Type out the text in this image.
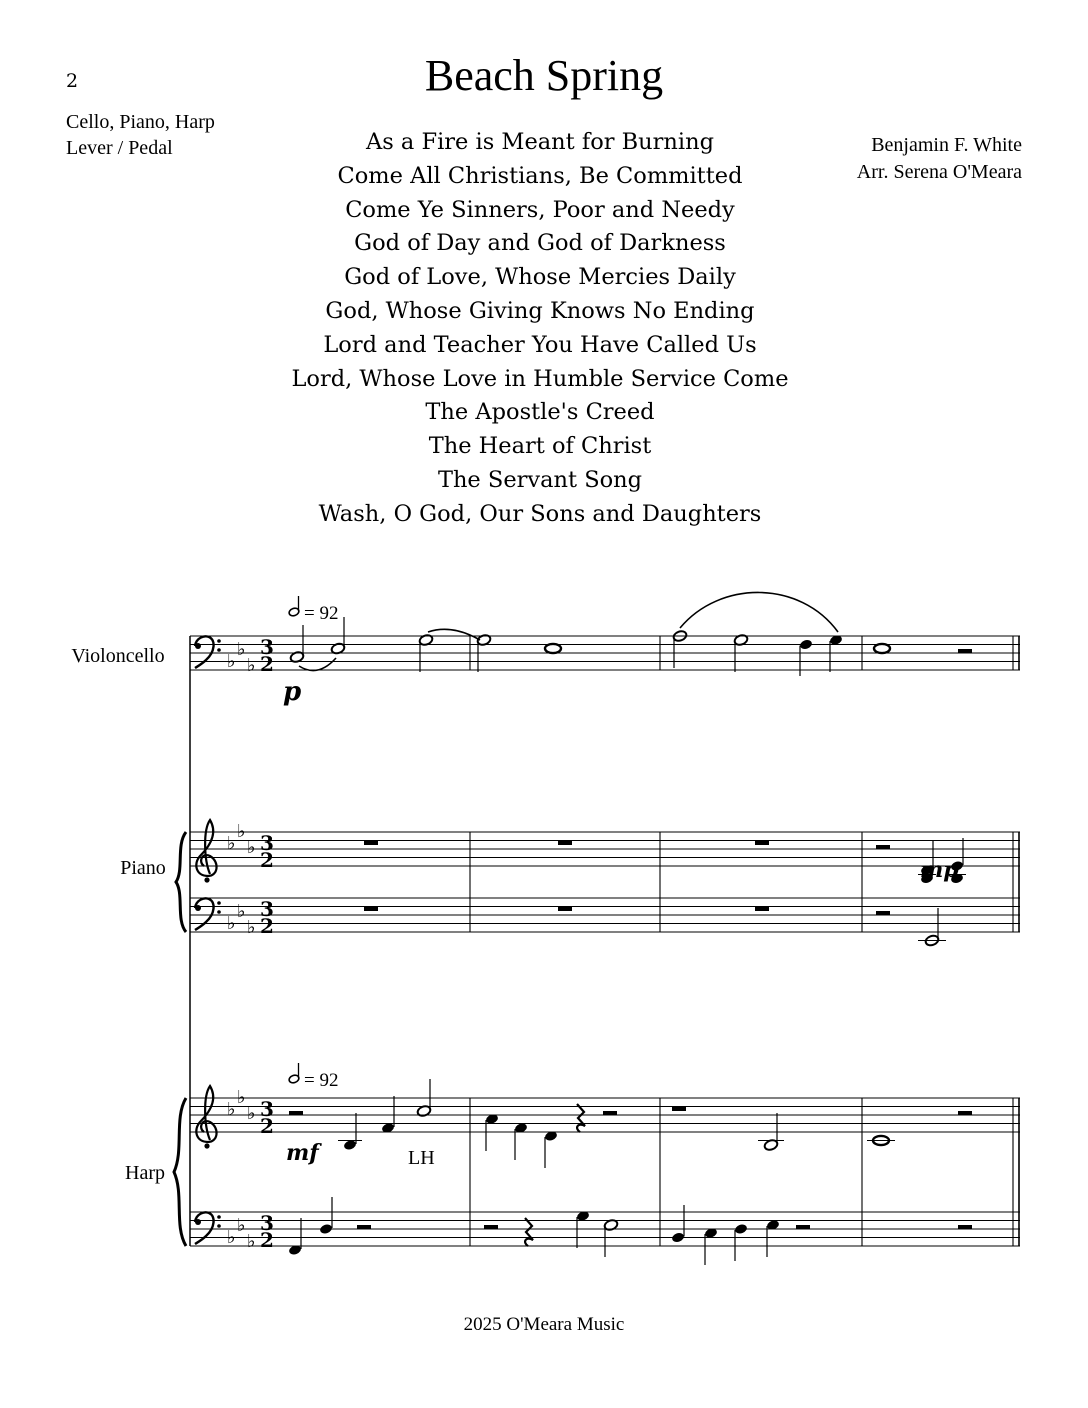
2	Beach Spring
Cello, Piano, Harp
Lever / Pedal	As a Fire is Meant for Burning
Come All Christians, Be Committed
Come Ye Sinners, Poor and Needy
God of Day and God of Darkness
God of Love, Whose Mercies Daily
God, Whose Giving Knows No Ending
Lord and Teacher You Have Called Us
Lord, Whose Love in Humble Service Come
The Apostle's Creed
The Heart of Christ
The Servant Song
Wash, O God, Our Sons and Daughters
Benjamin F. White
Arr. Serena O'Meara
2025 O'Meara Music
Violoncello
Piano
Harp
= 92
= 92
♭
♭
♭
3
2
p
♭
♭
♭ 3
2	mp
♭
♭
♭
3
2
♭
♭
♭ 3
2
mf	LH
♭
♭
♭
3
2
